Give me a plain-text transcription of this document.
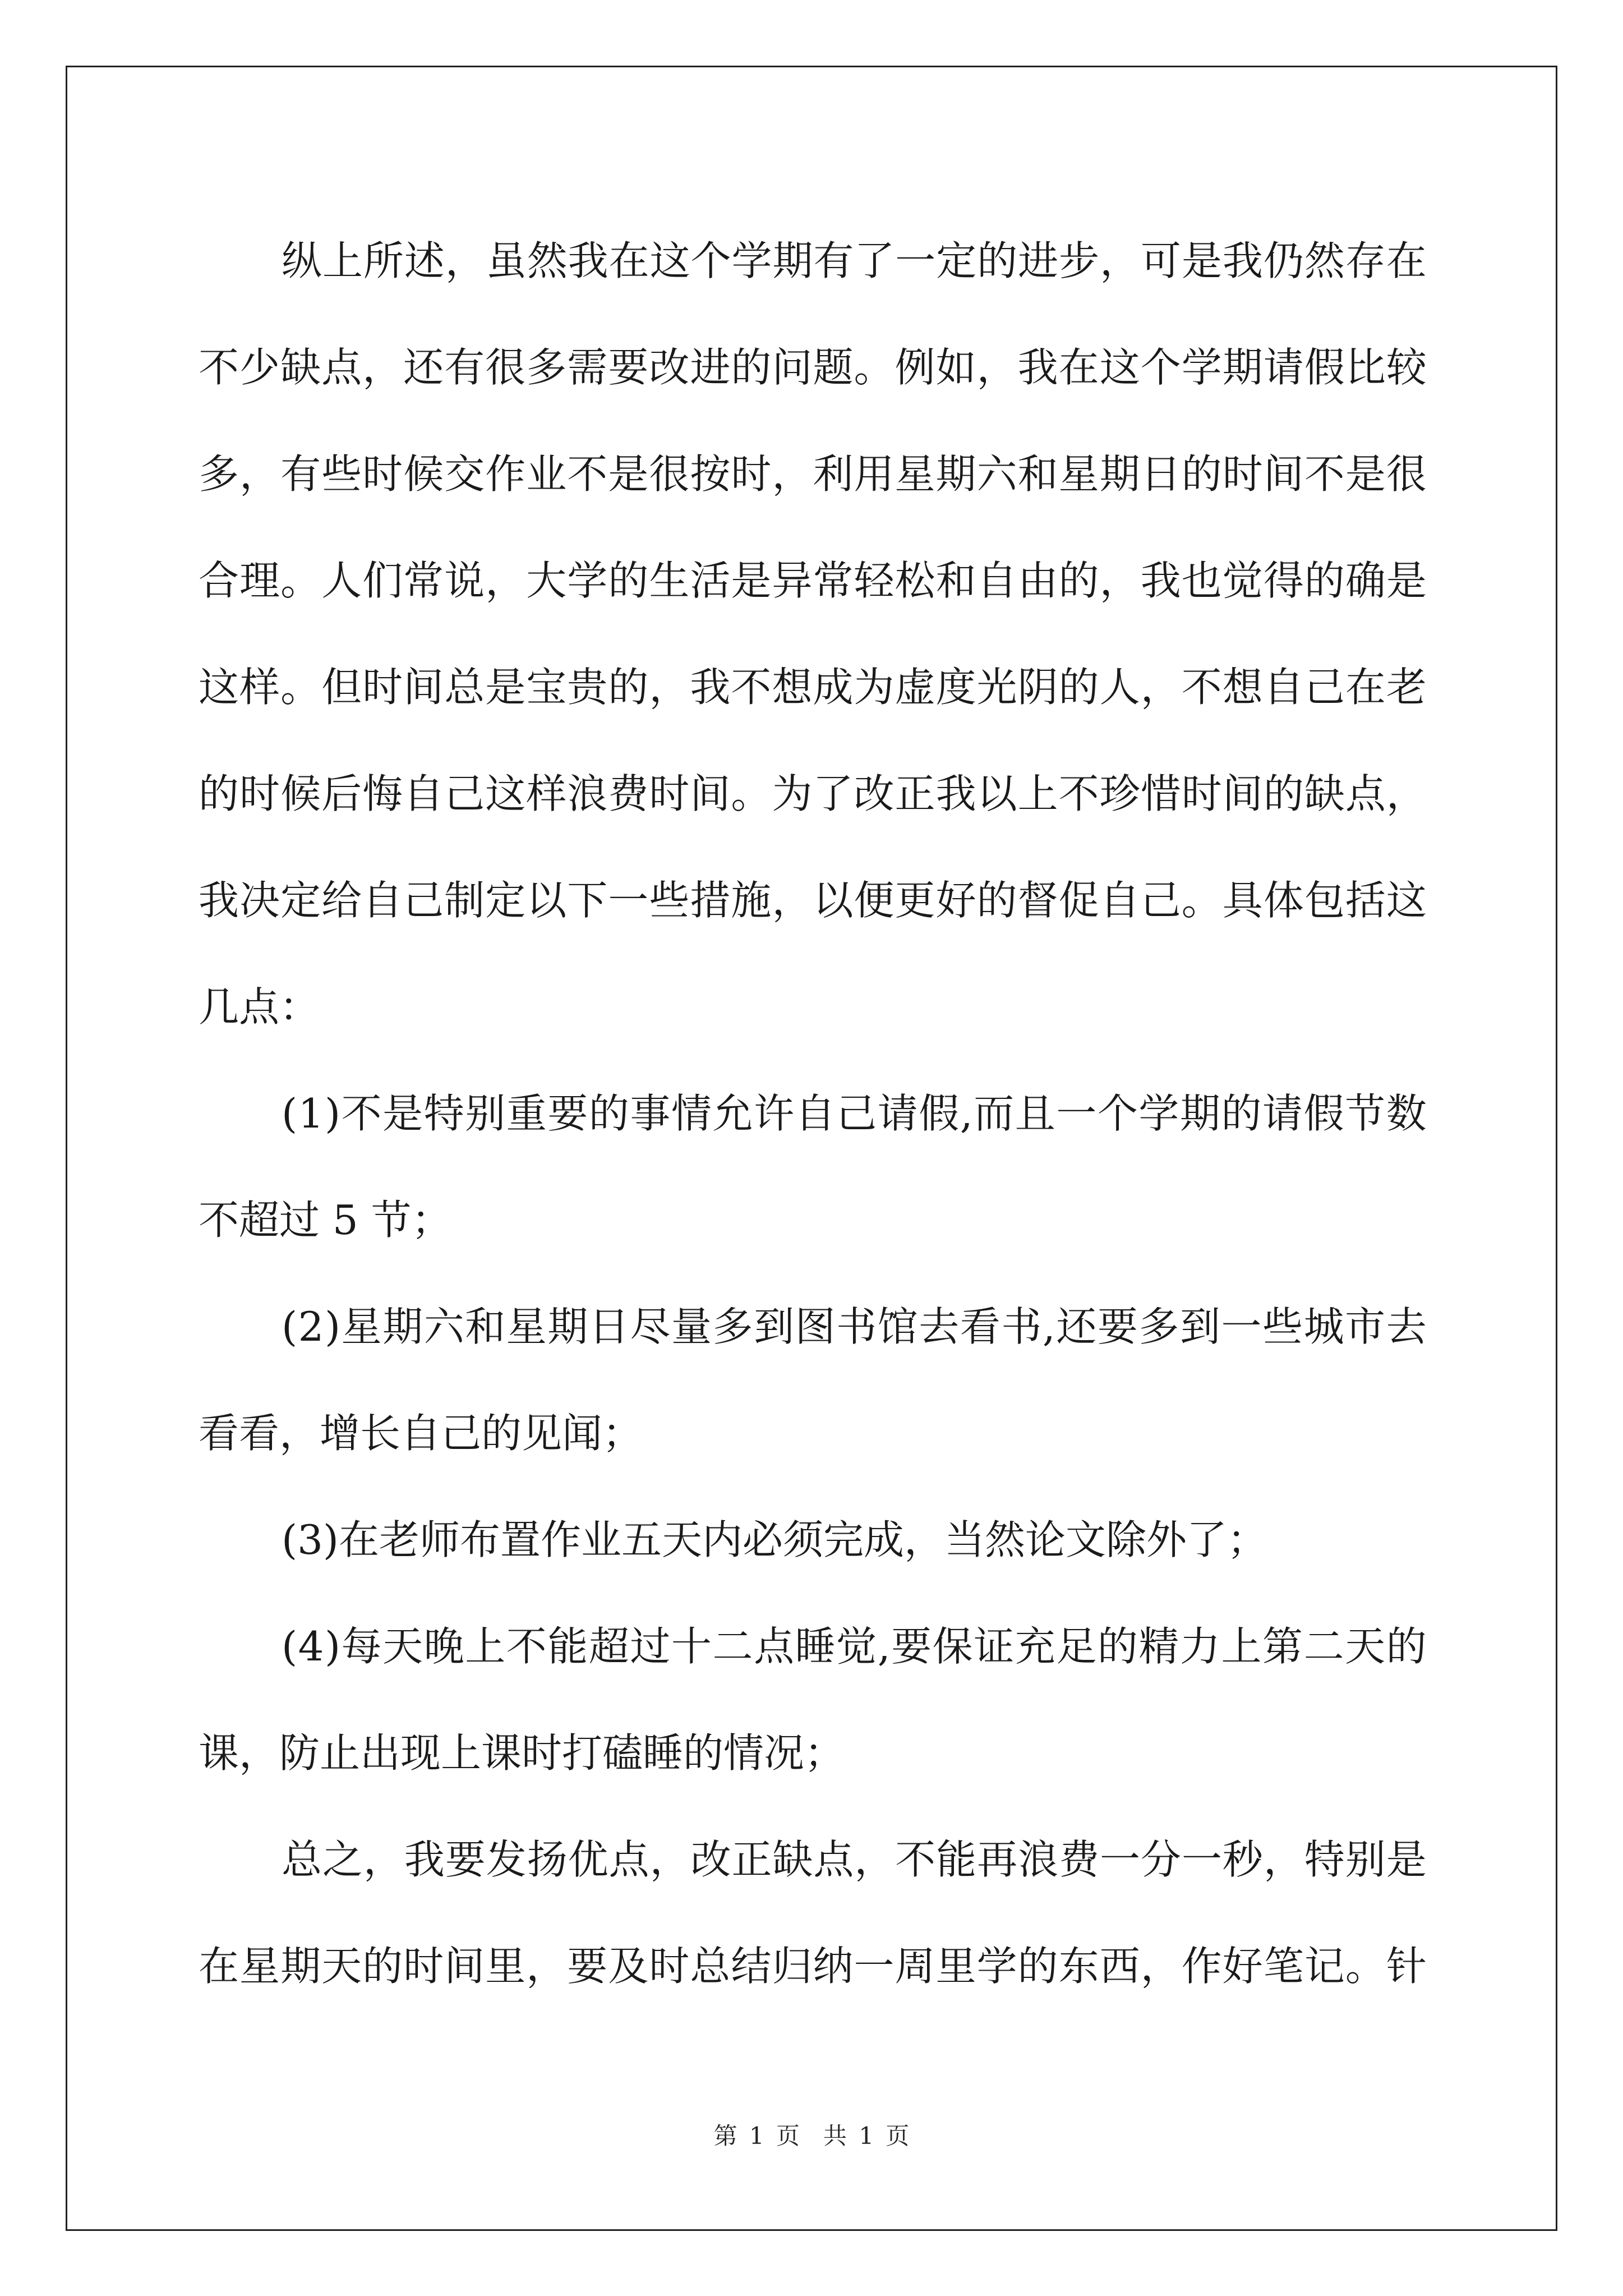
纵 上 所 述 ， 虽 然 我 在 这 个 学 期 有 了 一 定 的 进 步 ， 可 是 我 仍 然 存 在
不 少 缺 点 ， 还 有 很 多 需 要 改 进 的 问 题 。 例 如 ， 我 在 这 个 学 期 请 假 比 较
多 ， 有 些 时 候 交 作 业 不 是 很 按 时 ， 利 用 星 期 六 和 星 期 日 的 时 间 不 是 很
合 理 。 人 们 常 说 ， 大 学 的 生 活 是 异 常 轻 松 和 自 由 的 ， 我 也 觉 得 的 确 是
这 样 。 但 时 间 总 是 宝 贵 的 ， 我 不 想 成 为 虚 度 光 阴 的 人 ， 不 想 自 己 在 老
的 时 候 后 悔 自 己 这 样 浪 费 时 间 。 为 了 改 正 我 以 上 不 珍 惜 时 间 的 缺 点 ，
我 决 定 给 自 己 制 定 以 下 一 些 措 施 ， 以 便 更 好 的 督 促 自 己 。 具 体 包 括 这
几点：
( 1 ) 不 是 特 别 重 要 的 事 情 允 许 自 己 请 假 , 而 且 一 个 学 期 的 请 假 节 数
不超过 5 节；
( 2 ) 星 期 六 和 星 期 日 尽 量 多 到 图 书 馆 去 看 书 , 还 要 多 到 一 些 城 市 去
看看，增长自己的见闻；
(3)在老师布置作业五天内必须完成，当然论文除外了；
( 4 ) 每 天 晚 上 不 能 超 过 十 二 点 睡 觉 , 要 保 证 充 足 的 精 力 上 第 二 天 的
课，防止出现上课时打磕睡的情况；
总 之 ， 我 要 发 扬 优 点 ， 改 正 缺 点 ， 不 能 再 浪 费 一 分 一 秒 ， 特 别 是
在 星 期 天 的 时 间 里 ， 要 及 时 总 结 归 纳 一 周 里 学 的 东 西 ， 作 好 笔 记 。 针
第 1 页　共 1 页
